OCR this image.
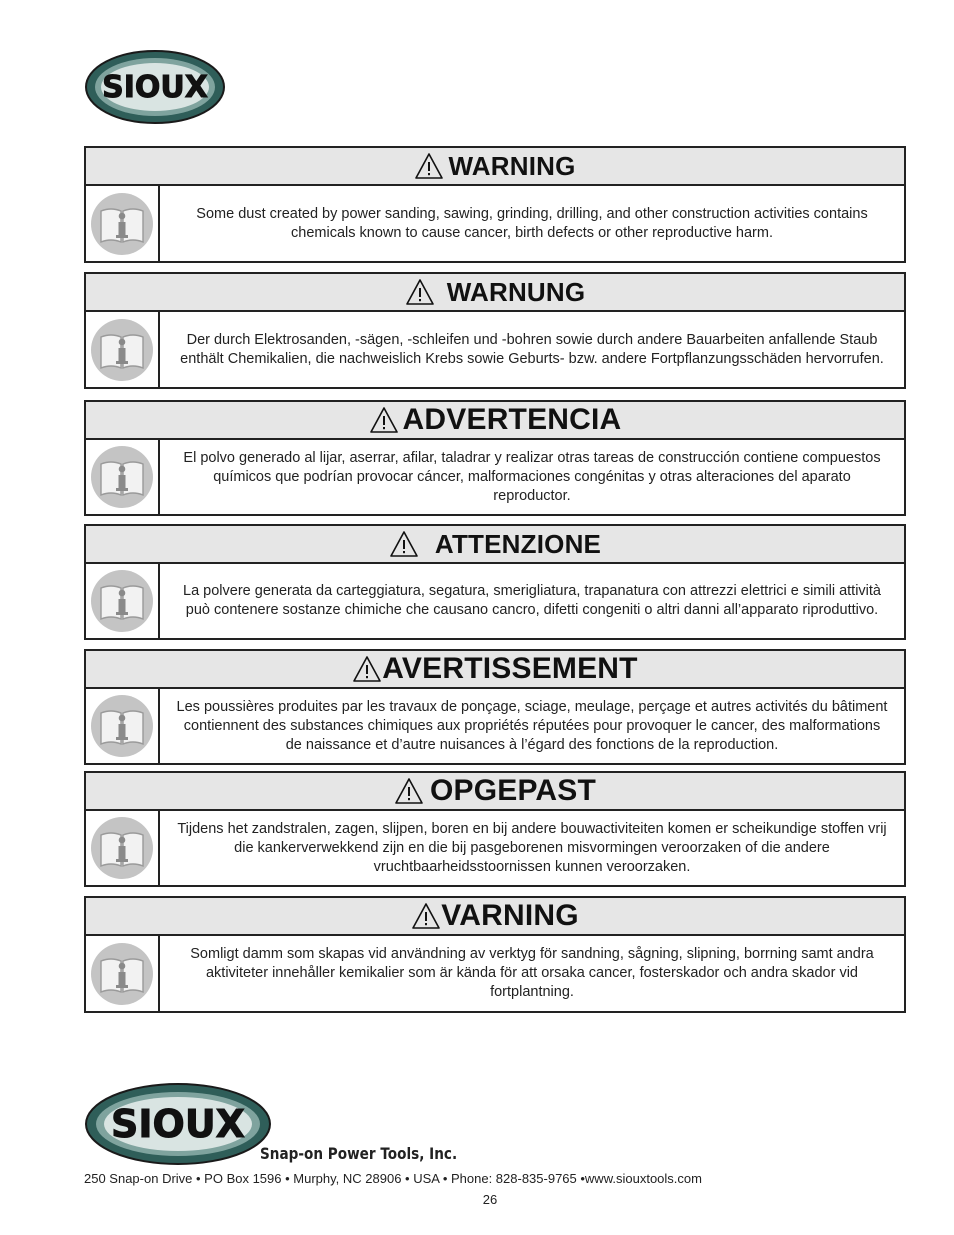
SIOUX
WARNING
Some dust created by power sanding, sawing, grinding, drilling, and other construction activities contains chemicals known to cause cancer, birth defects or other reproductive harm.
WARNUNG
Der durch Elektrosanden, -sägen, -schleifen und -bohren sowie durch andere Bauarbeiten anfallende Staub enthält Chemikalien, die nachweislich Krebs sowie Geburts- bzw. andere Fortpflanzungsschäden hervorrufen.
ADVERTENCIA
El polvo generado al lijar, aserrar, afilar, taladrar y realizar otras tareas de construcción contiene compuestos químicos que podrían provocar cáncer, malformaciones congénitas y otras alteraciones del aparato reproductor.
ATTENZIONE
La polvere generata da carteggiatura, segatura, smerigliatura, trapanatura con attrezzi elettrici e simili attività può contenere sostanze chimiche che causano cancro, difetti congeniti o altri danni all’apparato riproduttivo.
AVERTISSEMENT
Les poussières produites par les travaux de ponçage, sciage, meulage, perçage et autres activités du bâtiment contiennent des substances chimiques aux propriétés réputées pour provoquer le cancer, des malformations de naissance et d’autre nuisances à l’égard des fonctions de la reproduction.
OPGEPAST
Tijdens het zandstralen, zagen, slijpen, boren en bij andere bouwactiviteiten komen er scheikundige stoffen vrij die kankerverwekkend zijn en die bij pasgeborenen misvormingen veroorzaken of die andere vruchtbaarheidsstoornissen kunnen veroorzaken.
VARNING
Somligt damm som skapas vid användning av verktyg för sandning, sågning, slipning, borrning samt andra aktiviteter innehåller kemikalier som är kända för att orsaka cancer, fosterskador och andra skador vid fortplantning.
SIOUX
Snap-on Power Tools, Inc.
250 Snap-on Drive • PO Box 1596 • Murphy, NC 28906 • USA • Phone: 828-835-9765 •www.siouxtools.com
26
